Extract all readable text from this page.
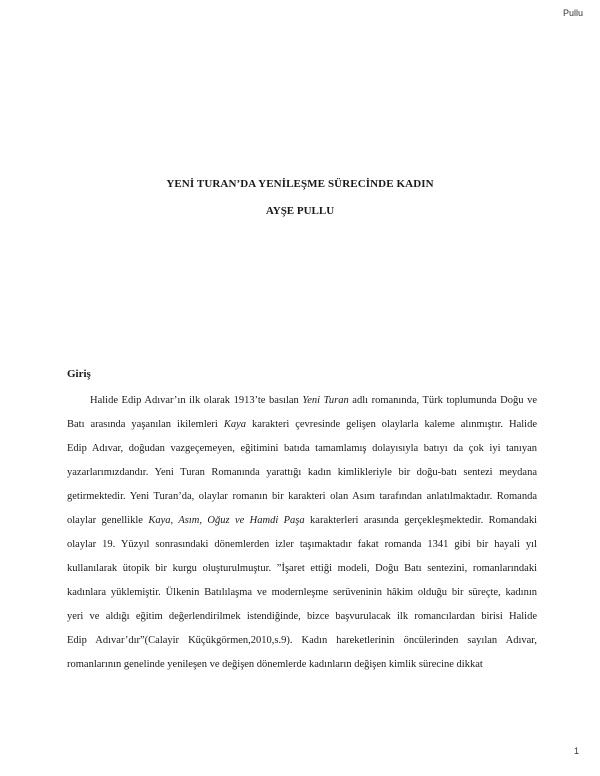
Pullu
YENİ TURAN’DA YENİLEŞME SÜRECİNDE KADIN
AYŞE PULLU
Giriş
Halide Edip Adıvar’ın ilk olarak 1913’te basılan Yeni Turan adlı romanında, Türk toplumunda Doğu ve
Batı arasında yaşanılan ikilemleri Kaya karakteri çevresinde gelişen olaylarla kaleme alınmıştır. Halide
Edip Adıvar, doğudan vazgeçemeyen, eğitimini batıda tamamlamış dolayısıyla batıyı da çok iyi tanıyan
yazarlarımızdandır. Yeni Turan Romanında yarattığı kadın kimlikleriyle bir doğu-batı sentezi meydana
getirmektedir. Yeni Turan’da, olaylar romanın bir karakteri olan Asım tarafından anlatılmaktadır. Romanda
olaylar genellikle Kaya, Asım, Oğuz ve Hamdi Paşa karakterleri arasında gerçekleşmektedir. Romandaki
olaylar 19. Yüzyıl sonrasındaki dönemlerden izler taşımaktadır fakat romanda 1341 gibi bir hayali yıl
kullanılarak ütopik bir kurgu oluşturulmuştur. ”İşaret ettiği modeli, Doğu Batı sentezini, romanlarındaki
kadınlara yüklemiştir. Ülkenin Batılılaşma ve modernleşme serüveninin hâkim olduğu bir süreçte, kadının
yeri ve aldığı eğitim değerlendirilmek istendiğinde, bizce başvurulacak ilk romancılardan birisi Halide
Edip Adıvar’dır”(Calayir Küçükgörmen,2010,s.9). Kadın hareketlerinin öncülerinden sayılan Adıvar,
romanlarının genelinde yenileşen ve değişen dönemlerde kadınların değişen kimlik sürecine dikkat
1
